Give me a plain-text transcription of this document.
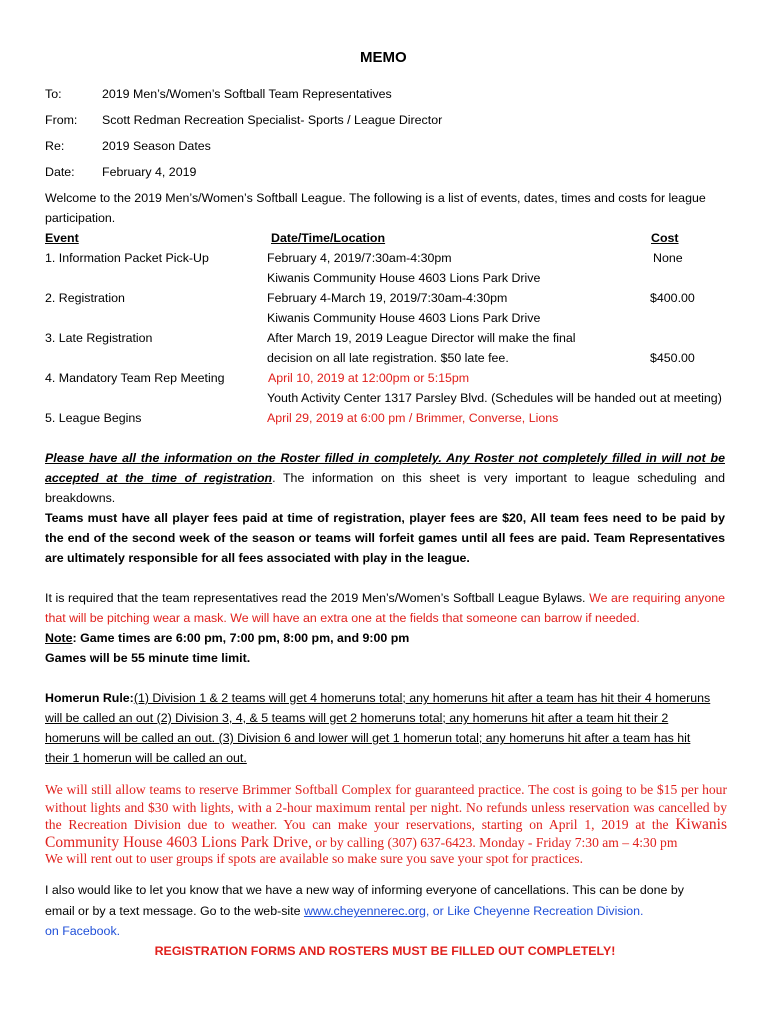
MEMO
To:	2019 Men’s/Women’s Softball Team Representatives
From: Scott Redman Recreation Specialist- Sports / League Director
Re:	2019 Season Dates
Date: February 4, 2019
Welcome to the 2019 Men’s/Women’s Softball League. The following is a list of events, dates, times and costs for league
participation.
Event	Date/Time/Location	Cost
1. Information Packet Pick-Up	February 4, 2019/7:30am-4:30pm	None
Kiwanis Community House 4603 Lions Park Drive
2. Registration	February 4-March 19, 2019/7:30am-4:30pm	$400.00
Kiwanis Community House 4603 Lions Park Drive
3. Late Registration	After March 19, 2019 League Director will make the final
decision on all late registration. $50 late fee.	$450.00
4. Mandatory Team Rep Meeting	April 10, 2019 at 12:00pm or 5:15pm
Youth Activity Center 1317 Parsley Blvd. (Schedules will be handed out at meeting)
5. League Begins	April 29, 2019 at 6:00 pm / Brimmer, Converse, Lions
Please have all the information on the Roster filled in completely. Any Roster not completely filled in will not be accepted at the time of registration. The information on this sheet is very important to league scheduling and breakdowns.
Teams must have all player fees paid at time of registration, player fees are $20, All team fees need to be paid by the end of the second week of the season or teams will forfeit games until all fees are paid. Team Representatives are ultimately responsible for all fees associated with play in the league.
It is required that the team representatives read the 2019 Men’s/Women’s Softball League Bylaws. We are requiring anyone that will be pitching wear a mask. We will have an extra one at the fields that someone can barrow if needed.
Note: Game times are 6:00 pm, 7:00 pm, 8:00 pm, and 9:00 pm
Games will be 55 minute time limit.
Homerun Rule:(1) Division 1 & 2 teams will get 4 homeruns total; any homeruns hit after a team has hit their 4 homeruns will be called an out (2) Division 3, 4, & 5 teams will get 2 homeruns total; any homeruns hit after a team hit their 2 homeruns will be called an out. (3) Division 6 and lower will get 1 homerun total; any homeruns hit after a team has hit their 1 homerun will be called an out.
We will still allow teams to reserve Brimmer Softball Complex for guaranteed practice. The cost is going to be $15 per hour without lights and $30 with lights, with a 2-hour maximum rental per night. No refunds unless reservation was cancelled by the Recreation Division due to weather. You can make your reservations, starting on April 1, 2019 at the Kiwanis Community House 4603 Lions Park Drive, or by calling (307) 637-6423. Monday - Friday 7:30 am – 4:30 pm
We will rent out to user groups if spots are available so make sure you save your spot for practices.
I also would like to let you know that we have a new way of informing everyone of cancellations. This can be done by
email or by a text message. Go to the web-site www.cheyennerec.org, or Like Cheyenne Recreation Division.
on Facebook.
REGISTRATION FORMS AND ROSTERS MUST BE FILLED OUT COMPLETELY!
